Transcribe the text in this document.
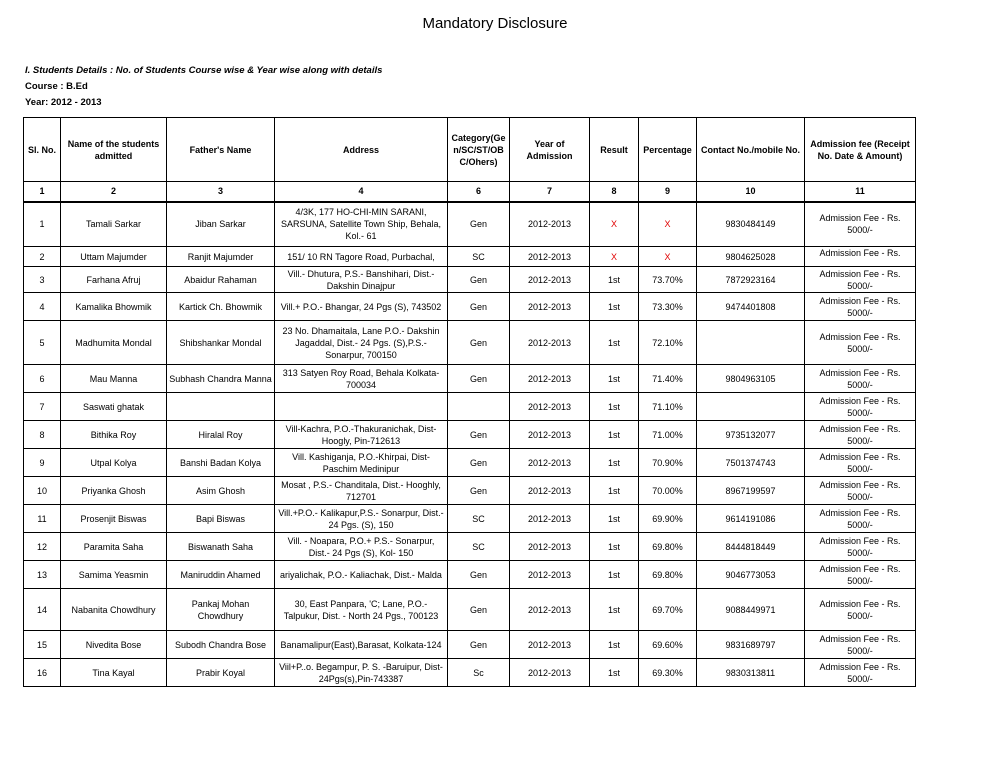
Mandatory Disclosure
I. Students Details : No. of Students Course wise & Year wise along with details
Course : B.Ed
Year: 2012 - 2013
Sl. No.	Name of the students admitted	Father's Name	Address	Category(Gen/SC/ST/OBC/Ohers)	Year of Admission	Result	Percentage	Contact No./mobile No.	Admission fee (Receipt No. Date & Amount)
1	2	3	4	6	7	8	9	10	11
1	Tamali Sarkar	Jiban Sarkar	4/3K, 177 HO-CHI-MIN SARANI, SARSUNA, Satellite Town Ship, Behala, Kol.- 61	Gen	2012-2013	X	X	9830484149	Admission Fee - Rs. 5000/-
2	Uttam Majumder	Ranjit Majumder	151/ 10 RN Tagore Road, Purbachal,	SC	2012-2013	X	X	9804625028	Admission Fee - Rs.
3	Farhana Afruj	Abaidur Rahaman	Vill.- Dhutura, P.S.- Banshihari, Dist.- Dakshin Dinajpur	Gen	2012-2013	1st	73.70%	7872923164	Admission Fee - Rs. 5000/-
4	Kamalika Bhowmik	Kartick Ch. Bhowmik	Vill.+ P.O.- Bhangar, 24 Pgs (S), 743502	Gen	2012-2013	1st	73.30%	9474401808	Admission Fee - Rs. 5000/-
5	Madhumita Mondal	Shibshankar Mondal	23 No. Dhamaitala, Lane P.O.- Dakshin Jagaddal, Dist.- 24 Pgs. (S),P.S.- Sonarpur, 700150	Gen	2012-2013	1st	72.10%		Admission Fee - Rs. 5000/-
6	Mau Manna	Subhash Chandra Manna	313 Satyen Roy Road, Behala Kolkata-700034	Gen	2012-2013	1st	71.40%	9804963105	Admission Fee - Rs. 5000/-
7	Saswati ghatak				2012-2013	1st	71.10%		Admission Fee - Rs. 5000/-
8	Bithika Roy	Hiralal Roy	Vill-Kachra, P.O.-Thakuranichak, Dist-Hoogly, Pin-712613	Gen	2012-2013	1st	71.00%	9735132077	Admission Fee - Rs. 5000/-
9	Utpal Kolya	Banshi Badan Kolya	Vill. Kashiganja, P.O.-Khirpai, Dist-Paschim Medinipur	Gen	2012-2013	1st	70.90%	7501374743	Admission Fee - Rs. 5000/-
10	Priyanka Ghosh	Asim Ghosh	Mosat , P.S.- Chanditala, Dist.- Hooghly, 712701	Gen	2012-2013	1st	70.00%	8967199597	Admission Fee - Rs. 5000/-
11	Prosenjit Biswas	Bapi Biswas	Vill.+P.O.- Kalikapur,P.S.- Sonarpur, Dist.- 24 Pgs. (S), 150	SC	2012-2013	1st	69.90%	9614191086	Admission Fee - Rs. 5000/-
12	Paramita Saha	Biswanath Saha	Vill. - Noapara, P.O.+ P.S.- Sonarpur, Dist.- 24 Pgs (S), Kol- 150	SC	2012-2013	1st	69.80%	8444818449	Admission Fee - Rs. 5000/-
13	Samima Yeasmin	Maniruddin Ahamed	ariyalichak, P.O.- Kaliachak, Dist.- Malda	Gen	2012-2013	1st	69.80%	9046773053	Admission Fee - Rs. 5000/-
14	Nabanita Chowdhury	Pankaj Mohan Chowdhury	30, East Panpara, 'C; Lane, P.O.- Talpukur, Dist. - North 24 Pgs., 700123	Gen	2012-2013	1st	69.70%	9088449971	Admission Fee - Rs. 5000/-
15	Nivedita Bose	Subodh Chandra Bose	Banamalipur(East),Barasat, Kolkata-124	Gen	2012-2013	1st	69.60%	9831689797	Admission Fee - Rs. 5000/-
16	Tina Kayal	Prabir Koyal	Viil+P..o. Begampur, P. S. -Baruipur, Dist-24Pgs(s),Pin-743387	Sc	2012-2013	1st	69.30%	9830313811	Admission Fee - Rs. 5000/-
